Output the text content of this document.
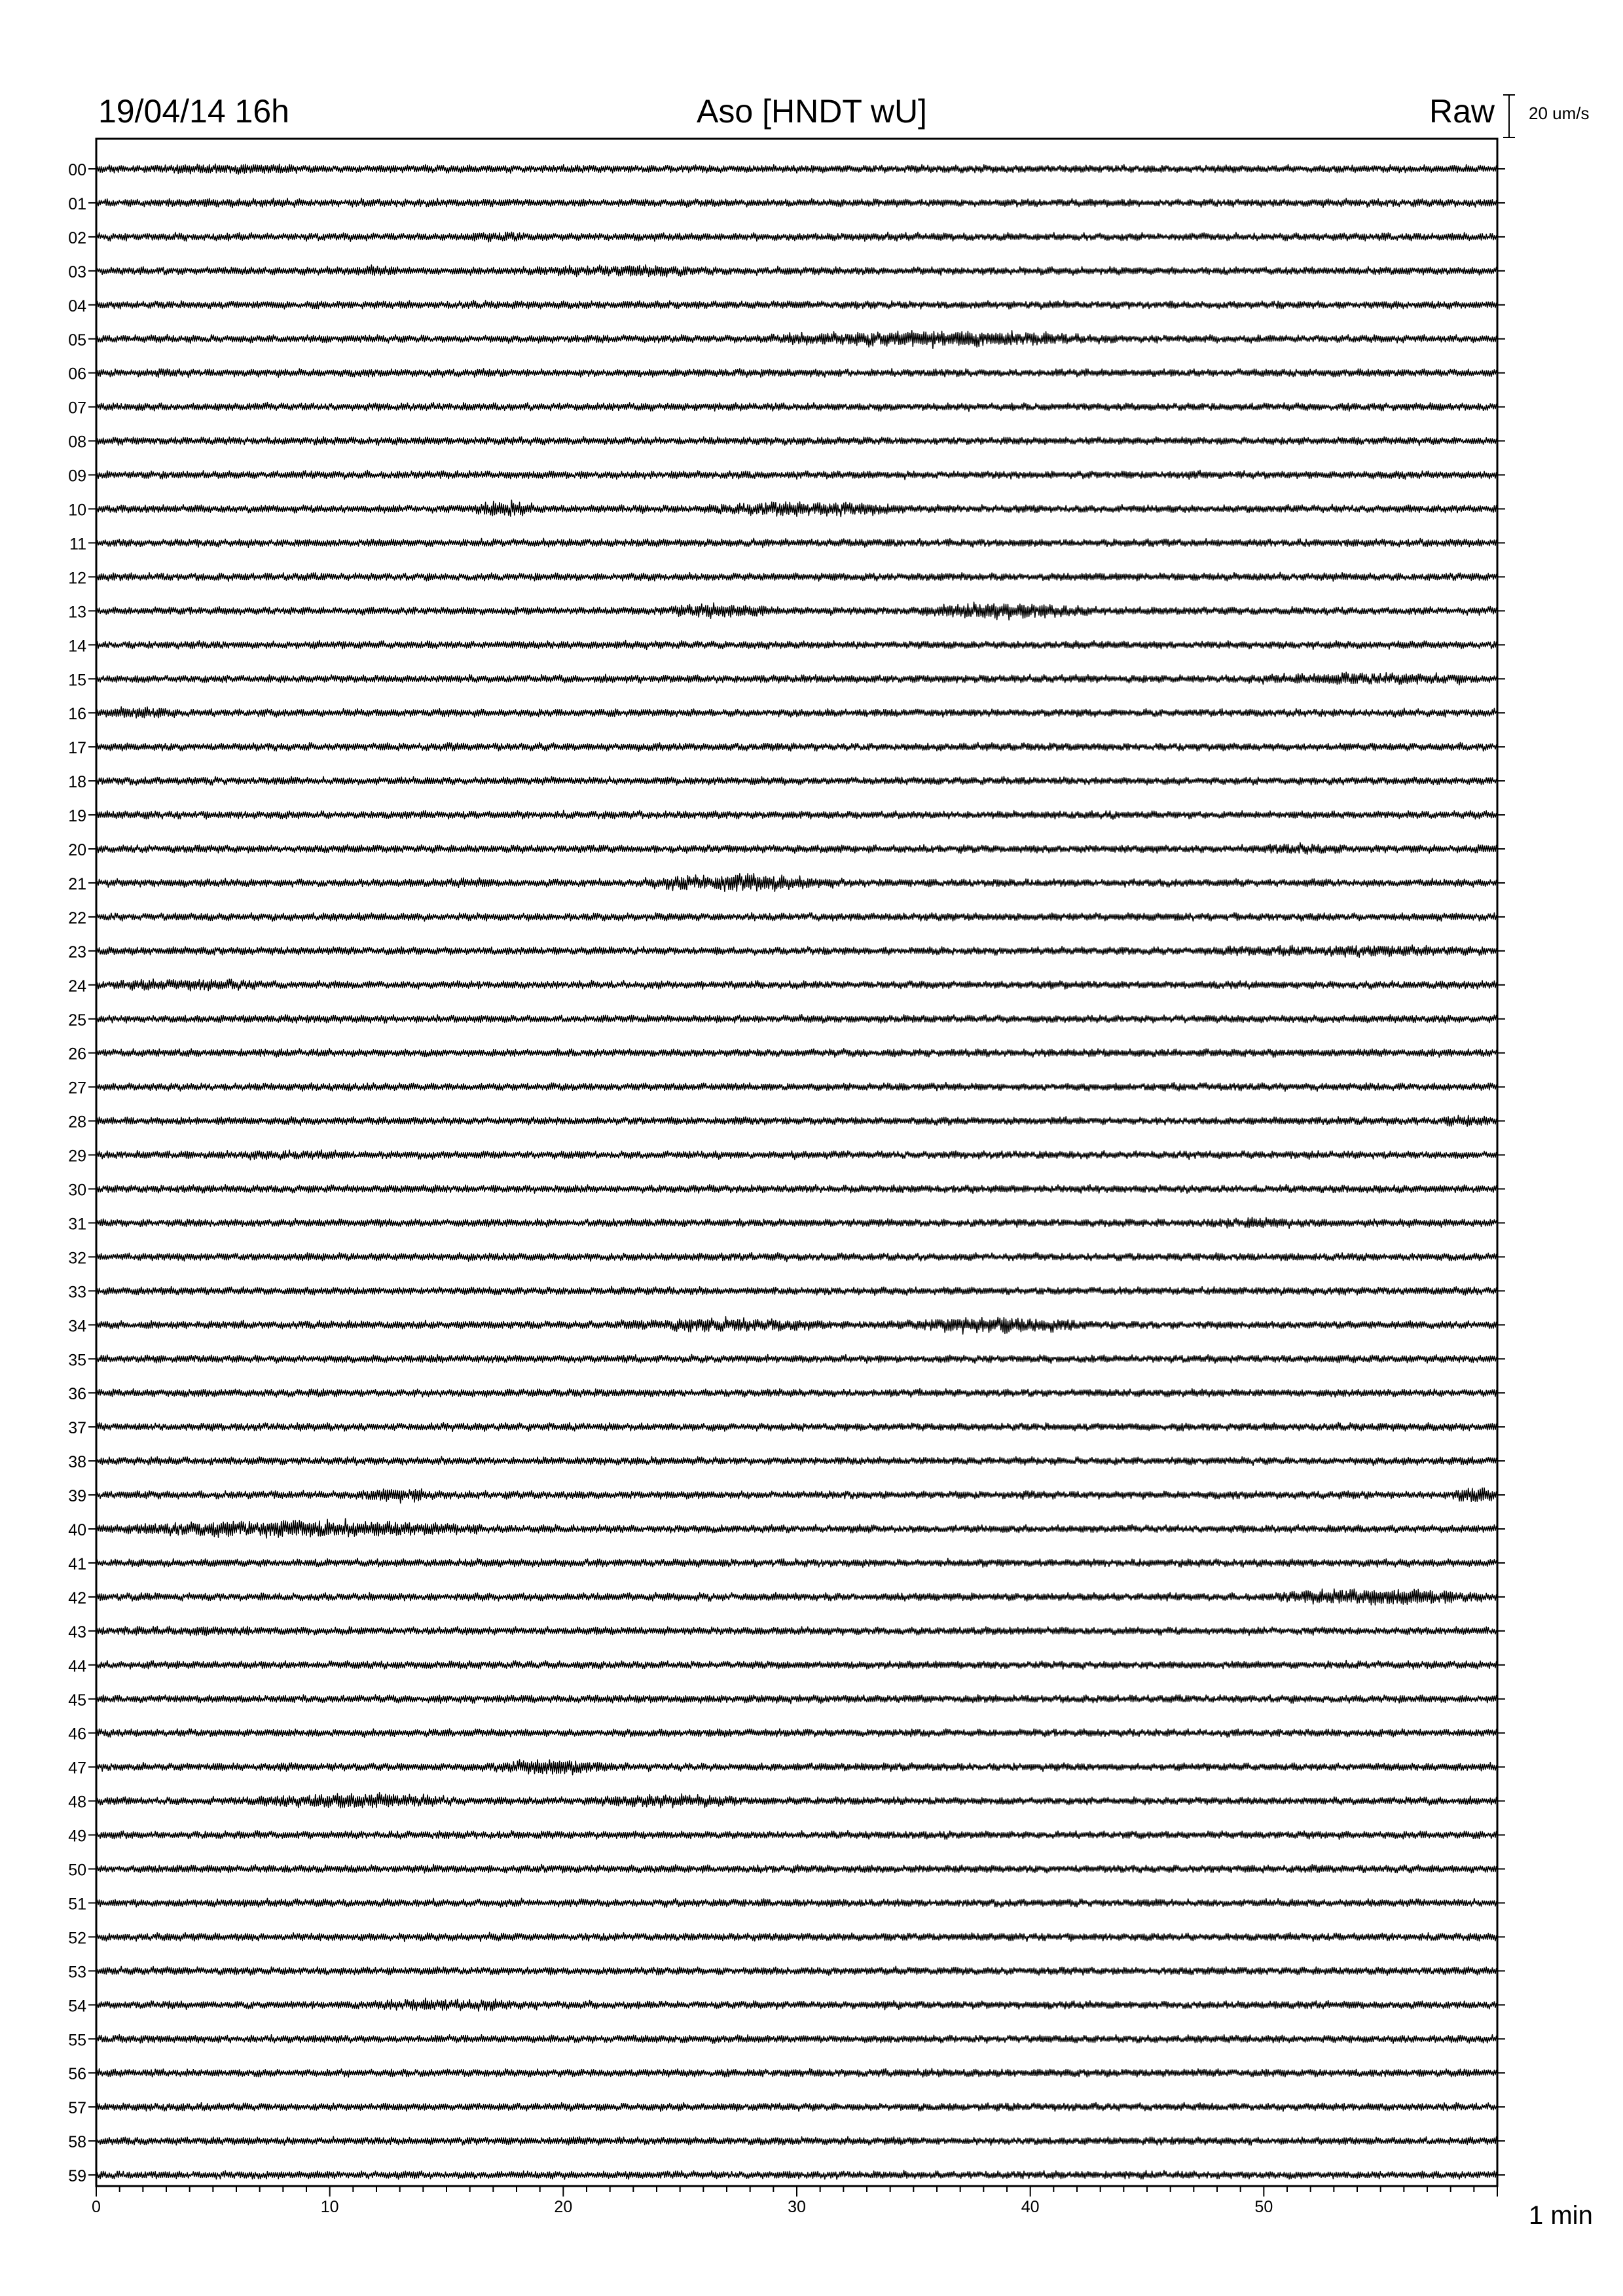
19/04/14 16h	Aso [HNDT wU]	Raw 20 um/s
00
01
02
03
04
05
06
07
08
09
10
11
12
13
14
15
16
17
18
19
20
21
22
23
24
25
26
27
28
29
30
31
32
33
34
35
36
37
38
39
40
41
42
43
44
45
46
47
48
49
50
51
52
53
54
55
56
57
58
59
0	10	20	30	40	50	1 min
